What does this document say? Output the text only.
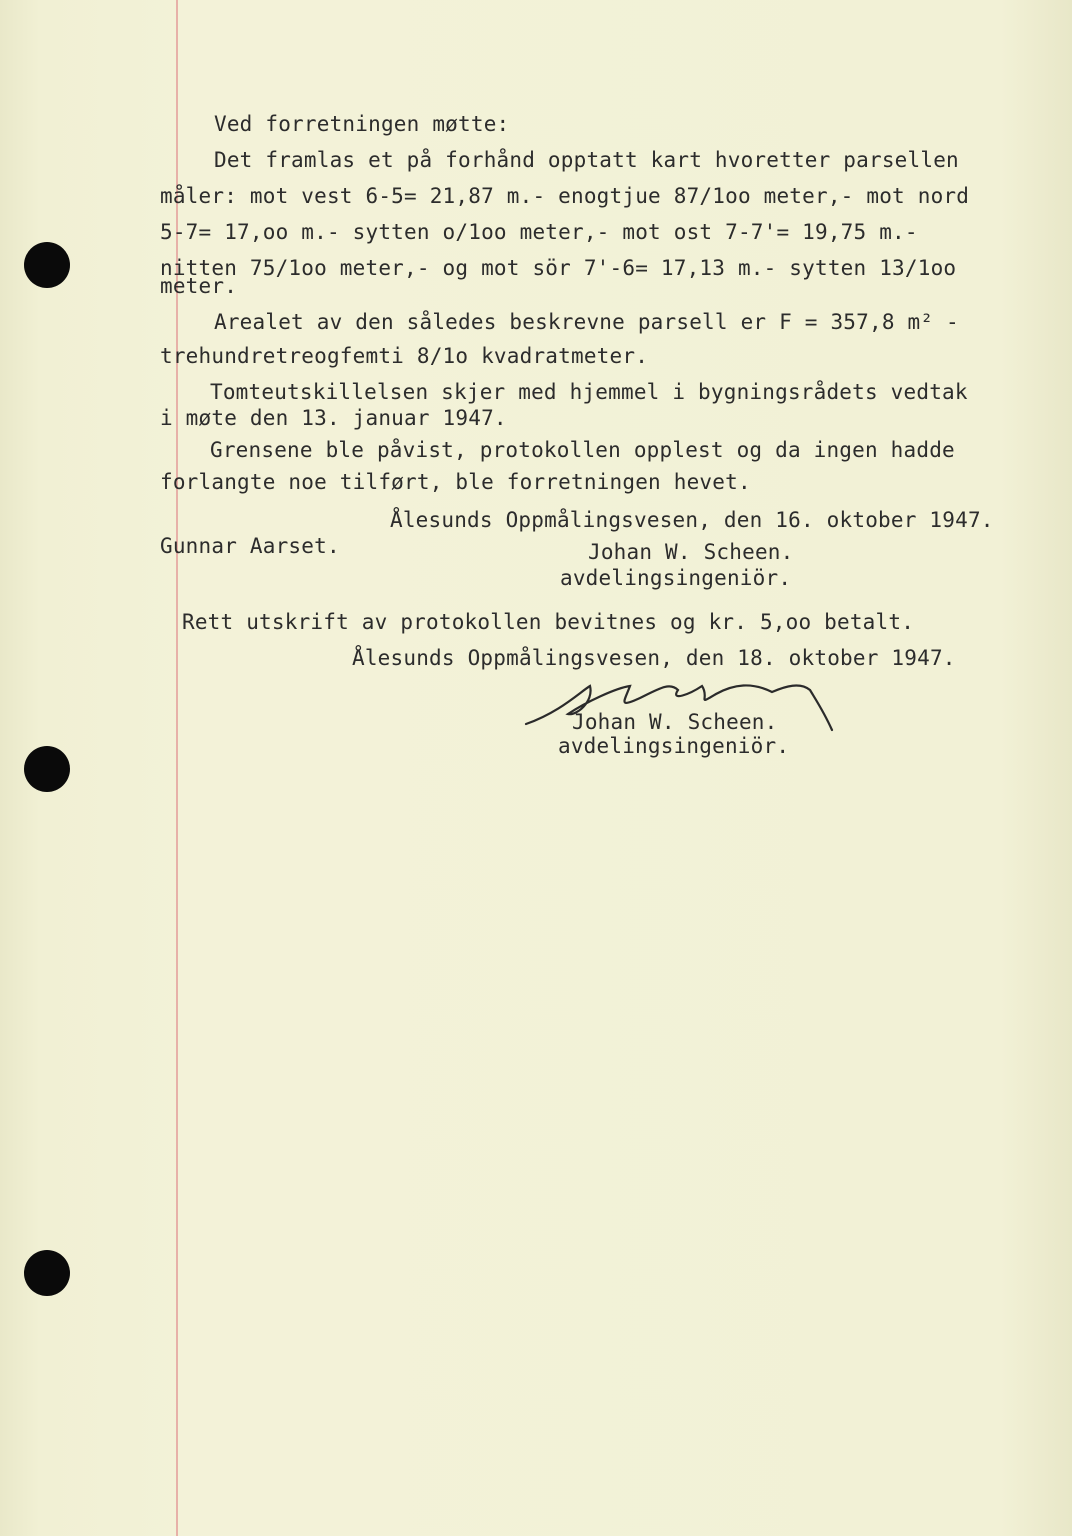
Ved forretningen møtte:
Det framlas et på forhånd opptatt kart hvoretter parsellen
måler: mot vest 6-5= 21,87 m.- enogtjue 87/1oo meter,- mot nord
5-7= 17,oo m.- sytten o/1oo meter,- mot ost 7-7'= 19,75 m.-
nitten 75/1oo meter,- og mot sör 7'-6= 17,13 m.- sytten 13/1oo
meter.
Arealet av den således beskrevne parsell er F = 357,8 m² -
trehundretreogfemti 8/1o kvadratmeter.
Tomteutskillelsen skjer med hjemmel i bygningsrådets vedtak
i møte den 13. januar 1947.
Grensene ble påvist, protokollen opplest og da ingen hadde
forlangte noe tilført, ble forretningen hevet.
Ålesunds Oppmålingsvesen, den 16. oktober 1947.
Gunnar Aarset.	Johan W. Scheen.
avdelingsingeniör.
Rett utskrift av protokollen bevitnes og kr. 5,oo betalt.
Ålesunds Oppmålingsvesen, den 18. oktober 1947.
Johan W. Scheen.
avdelingsingeniör.
